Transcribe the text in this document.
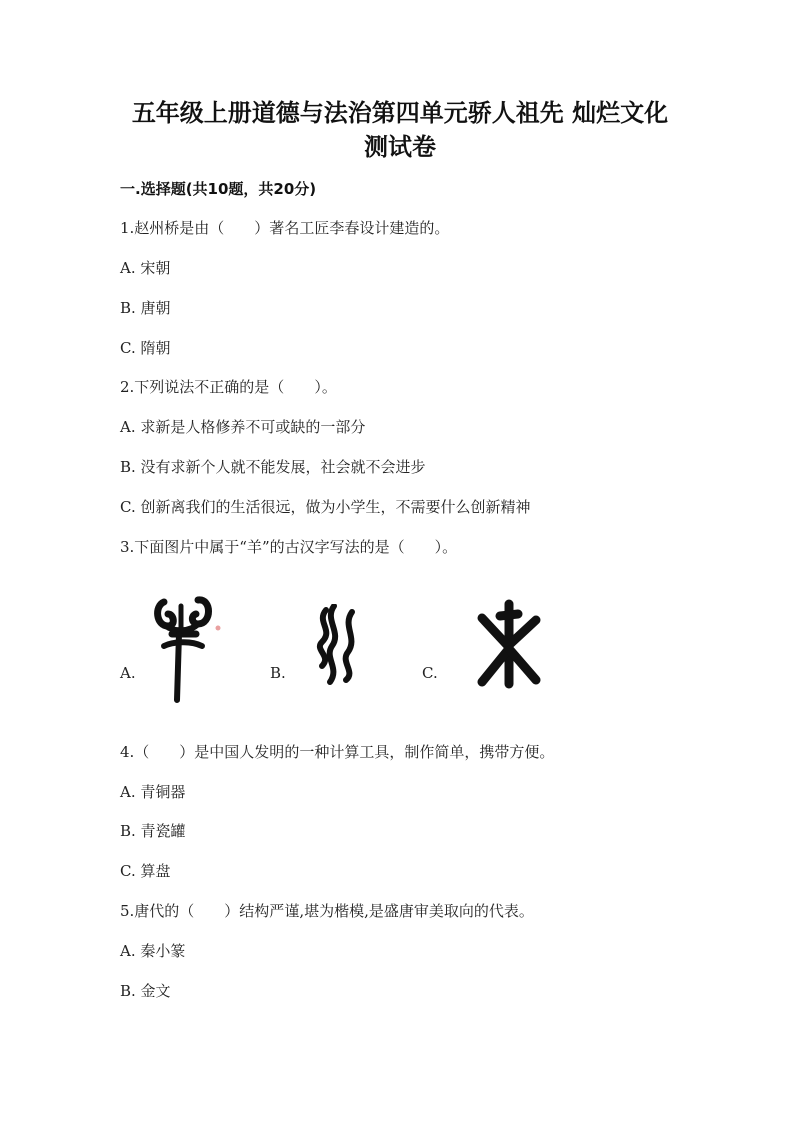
五年级上册道德与法治第四单元骄人祖先 灿烂文化
测试卷
一.选择题(共10题，共20分)
1.赵州桥是由（　　）著名工匠李春设计建造的。
A. 宋朝
B. 唐朝
C. 隋朝
2.下列说法不正确的是（　　）。
A. 求新是人格修养不可或缺的一部分
B. 没有求新个人就不能发展，社会就不会进步
C. 创新离我们的生活很远，做为小学生，不需要什么创新精神
3.下面图片中属于“羊”的古汉字写法的是（　　）。
A.	B.	C.
4.（　　）是中国人发明的一种计算工具，制作简单，携带方便。
A. 青铜器
B. 青瓷罐
C. 算盘
5.唐代的（　　）结构严谨,堪为楷模,是盛唐审美取向的代表。
A. 秦小篆
B. 金文
